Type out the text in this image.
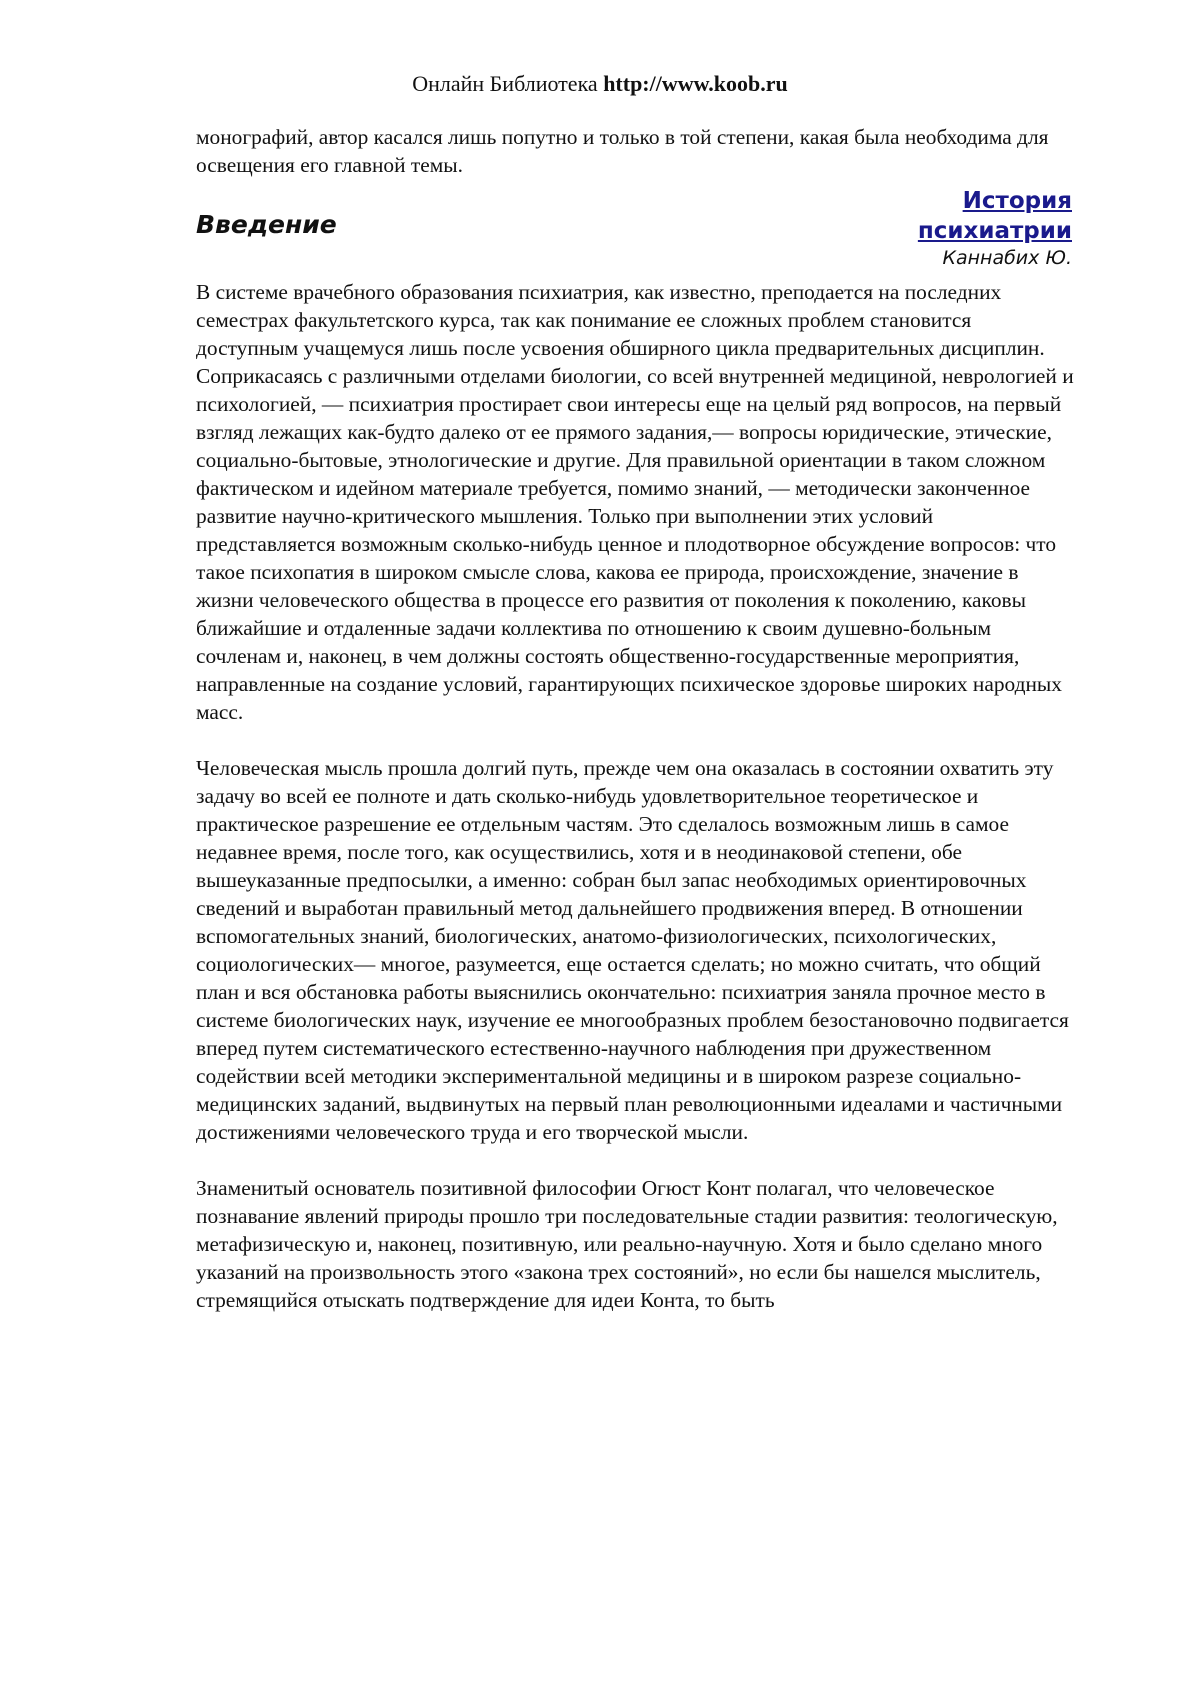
Онлайн Библиотека http://www.koob.ru

монографий, автор касался лишь попутно и только в той степени, какая была необходима для освещения его главной темы.

Введение
История психиатрии
Каннабих Ю.

В системе врачебного образования психиатрия, как известно, преподается на последних семестрах факультетского курса, так как понимание ее сложных проблем становится доступным учащемуся лишь после усвоения обширного цикла предварительных дисциплин. Соприкасаясь с различными отделами биологии, со всей внутренней медициной, неврологией и психологией, — психиатрия простирает свои интересы еще на целый ряд вопросов, на первый взгляд лежащих как-будто далеко от ее прямого задания,— вопросы юридические, этические, социально-бытовые, этнологические и другие. Для правильной ориентации в таком сложном фактическом и идейном материале требуется, помимо знаний, — методически законченное развитие научно-критического мышления. Только при выполнении этих условий представляется возможным сколько-нибудь ценное и плодотворное обсуждение вопросов: что такое психопатия в широком смысле слова, какова ее природа, происхождение, значение в жизни человеческого общества в процессе его развития от поколения к поколению, каковы ближайшие и отдаленные задачи коллектива по отношению к своим душевно-больным сочленам и, наконец, в чем должны состоять общественно-государственные мероприятия, направленные на создание условий, гарантирующих психическое здоровье широких народных масс.

Человеческая мысль прошла долгий путь, прежде чем она оказалась в состоянии охватить эту задачу во всей ее полноте и дать сколько-нибудь удовлетворительное теоретическое и практическое разрешение ее отдельным частям. Это сделалось возможным лишь в самое недавнее время, после того, как осуществились, хотя и в неодинаковой степени, обе вышеуказанные предпосылки, а именно: собран был запас необходимых ориентировочных сведений и выработан правильный метод дальнейшего продвижения вперед. В отношении вспомогательных знаний, биологических, анатомо-физиологических, психологических, социологических— многое, разумеется, еще остается сделать; но можно считать, что общий план и вся обстановка работы выяснились окончательно: психиатрия заняла прочное место в системе биологических наук, изучение ее многообразных проблем безостановочно подвигается вперед путем систематического естественно-научного наблюдения при дружественном содействии всей методики экспериментальной медицины и в широком разрезе социально-медицинских заданий, выдвинутых на первый план революционными идеалами и частичными достижениями человеческого труда и его творческой мысли.

Знаменитый основатель позитивной философии Огюст Конт полагал, что человеческое познавание явлений природы прошло три последовательные стадии развития: теологическую, метафизическую и, наконец, позитивную, или реально-научную. Хотя и было сделано много указаний на произвольность этого «закона трех состояний», но если бы нашелся мыслитель, стремящийся отыскать подтверждение для идеи Конта, то быть
